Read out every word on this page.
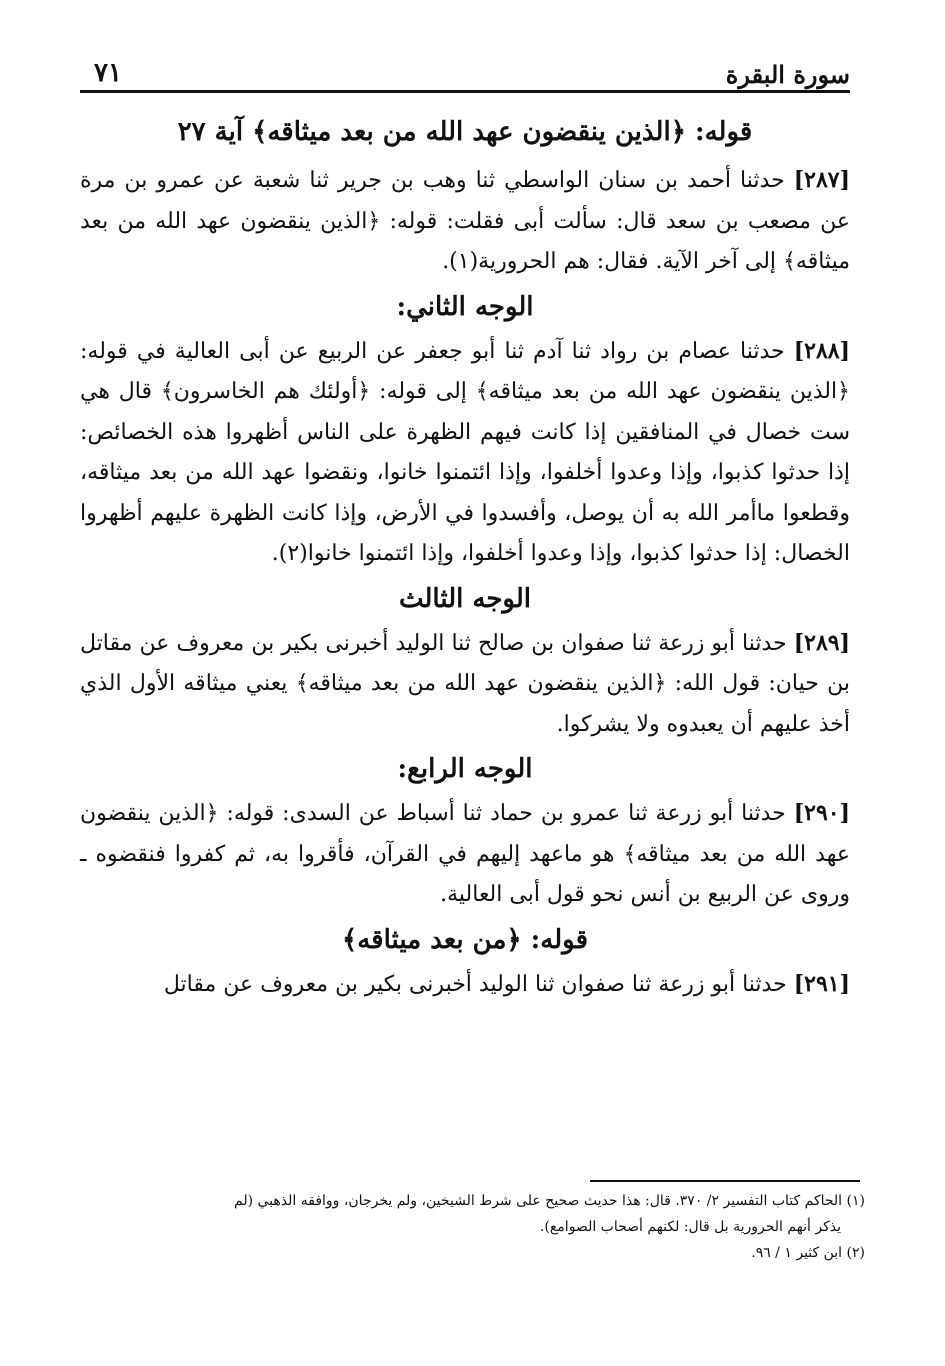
سورة البقرة
٧١

قوله: ﴿الذين ينقضون عهد الله من بعد ميثاقه﴾ آية ٢٧

[٢٨٧] حدثنا أحمد بن سنان الواسطي ثنا وهب بن جرير ثنا شعبة عن عمرو بن مرة عن مصعب بن سعد قال: سألت أبى فقلت: قوله: ﴿الذين ينقضون عهد الله من بعد ميثاقه﴾ إلى آخر الآية. فقال: هم الحرورية(١).

الوجه الثاني:

[٢٨٨] حدثنا عصام بن رواد ثنا آدم ثنا أبو جعفر عن الربيع عن أبى العالية في قوله: ﴿الذين ينقضون عهد الله من بعد ميثاقه﴾ إلى قوله: ﴿أولئك هم الخاسرون﴾ قال هي ست خصال في المنافقين إذا كانت فيهم الظهرة على الناس أظهروا هذه الخصائص: إذا حدثوا كذبوا، وإذا وعدوا أخلفوا، وإذا ائتمنوا خانوا، ونقضوا عهد الله من بعد ميثاقه، وقطعوا ماأمر الله به أن يوصل، وأفسدوا في الأرض، وإذا كانت الظهرة عليهم أظهروا الخصال: إذا حدثوا كذبوا، وإذا وعدوا أخلفوا، وإذا ائتمنوا خانوا(٢).

الوجه الثالث

[٢٨٩] حدثنا أبو زرعة ثنا صفوان بن صالح ثنا الوليد أخبرنى بكير بن معروف عن مقاتل بن حيان: قول الله: ﴿الذين ينقضون عهد الله من بعد ميثاقه﴾ يعني ميثاقه الأول الذي أخذ عليهم أن يعبدوه ولا يشركوا.

الوجه الرابع:

[٢٩٠] حدثنا أبو زرعة ثنا عمرو بن حماد ثنا أسباط عن السدى: قوله: ﴿الذين ينقضون عهد الله من بعد ميثاقه﴾ هو ماعهد إليهم في القرآن، فأقروا به، ثم كفروا فنقضوه ـ وروى عن الربيع بن أنس نحو قول أبى العالية.

قوله: ﴿من بعد ميثاقه﴾

[٢٩١] حدثنا أبو زرعة ثنا صفوان ثنا الوليد أخبرنى بكير بن معروف عن مقاتل

(١) الحاكم كتاب التفسير ٢/ ٣٧٠. قال: هذا حديث صحيح على شرط الشيخين، ولم يخرجان، ووافقه الذهبي (لم
يذكر أنهم الحرورية بل قال: لكنهم أصحاب الصوامع).

(٢) ابن كثير ١ / ٩٦.
